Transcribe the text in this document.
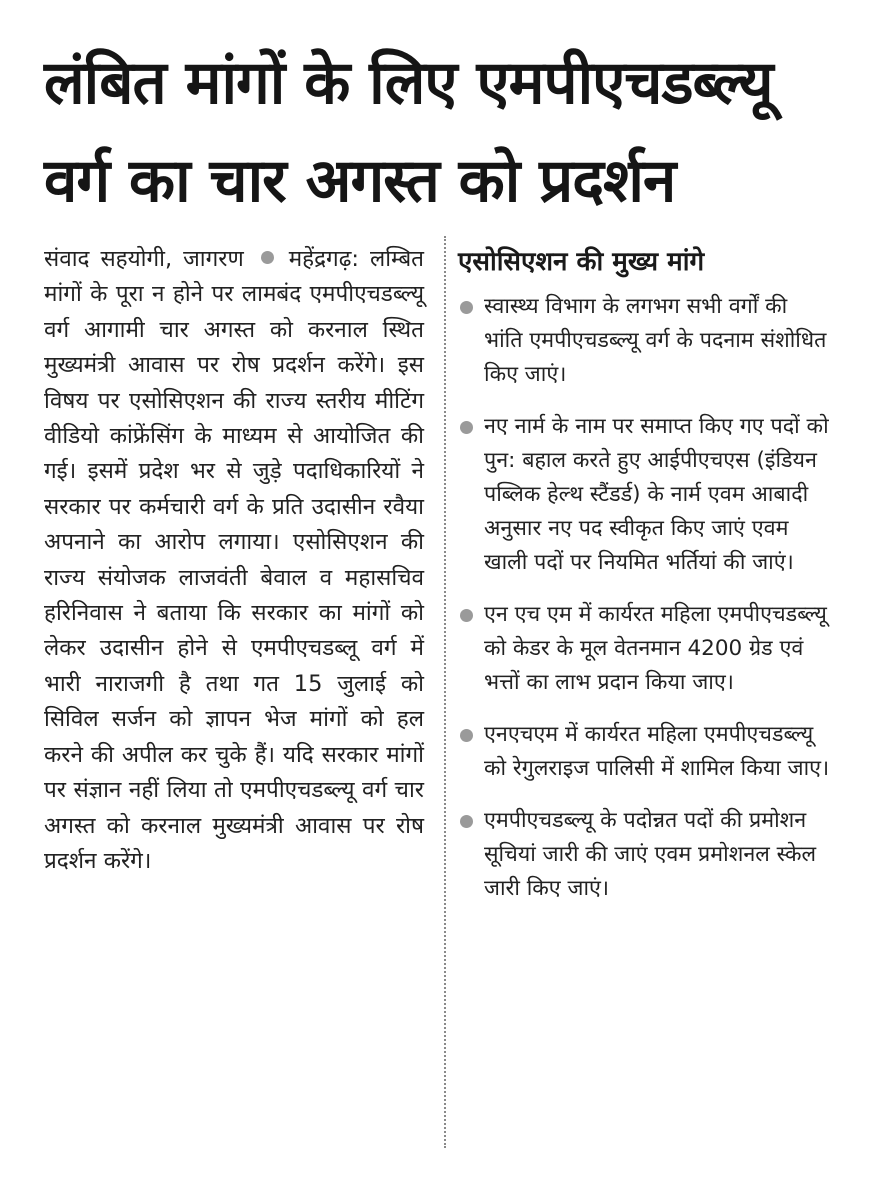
लंबित मांगों के लिए एमपीएचडब्ल्यू
वर्ग का चार अगस्त को प्रदर्शन
संवाद सहयोगी, जागरण महेंद्रगढ़: लम्बित मांगों के पूरा न होने पर लामबंद एमपीएचडब्ल्यू वर्ग आगामी चार अगस्त को करनाल स्थित मुख्यमंत्री आवास पर रोष प्रदर्शन करेंगे। इस विषय पर एसोसिएशन की राज्य स्तरीय मीटिंग वीडियो कांफ्रेंसिंग के माध्यम से आयोजित की गई। इसमें प्रदेश भर से जुड़े पदाधिकारियों ने सरकार पर कर्मचारी वर्ग के प्रति उदासीन रवैया अपनाने का आरोप लगाया। एसोसिएशन की राज्य संयोजक लाजवंती बेवाल व महासचिव हरिनिवास ने बताया कि सरकार का मांगों को लेकर उदासीन होने से एमपीएचडब्लू वर्ग में भारी नाराजगी है तथा गत 15 जुलाई को सिविल सर्जन को ज्ञापन भेज मांगों को हल करने की अपील कर चुके हैं। यदि सरकार मांगों पर संज्ञान नहीं लिया तो एमपीएचडब्ल्यू वर्ग चार अगस्त को करनाल मुख्यमंत्री आवास पर रोष प्रदर्शन करेंगे।
एसोसिएशन की मुख्य मांगे
स्वास्थ्य विभाग के लगभग सभी वर्गों की भांति एमपीएचडब्ल्यू वर्ग के पदनाम संशोधित किए जाएं।
नए नार्म के नाम पर समाप्त किए गए पदों को पुन: बहाल करते हुए आईपीएचएस (इंडियन पब्लिक हेल्थ स्टैंडर्ड) के नार्म एवम आबादी अनुसार नए पद स्वीकृत किए जाएं एवम खाली पदों पर नियमित भर्तियां की जाएं।
एन एच एम में कार्यरत महिला एमपीएचडब्ल्यू को केडर के मूल वेतनमान 4200 ग्रेड एवं भत्तों का लाभ प्रदान किया जाए।
एनएचएम में कार्यरत महिला एमपीएचडब्ल्यू को रेगुलराइज पालिसी में शामिल किया जाए।
एमपीएचडब्ल्यू के पदोन्नत पदों की प्रमोशन सूचियां जारी की जाएं एवम प्रमोशनल स्केल जारी किए जाएं।
